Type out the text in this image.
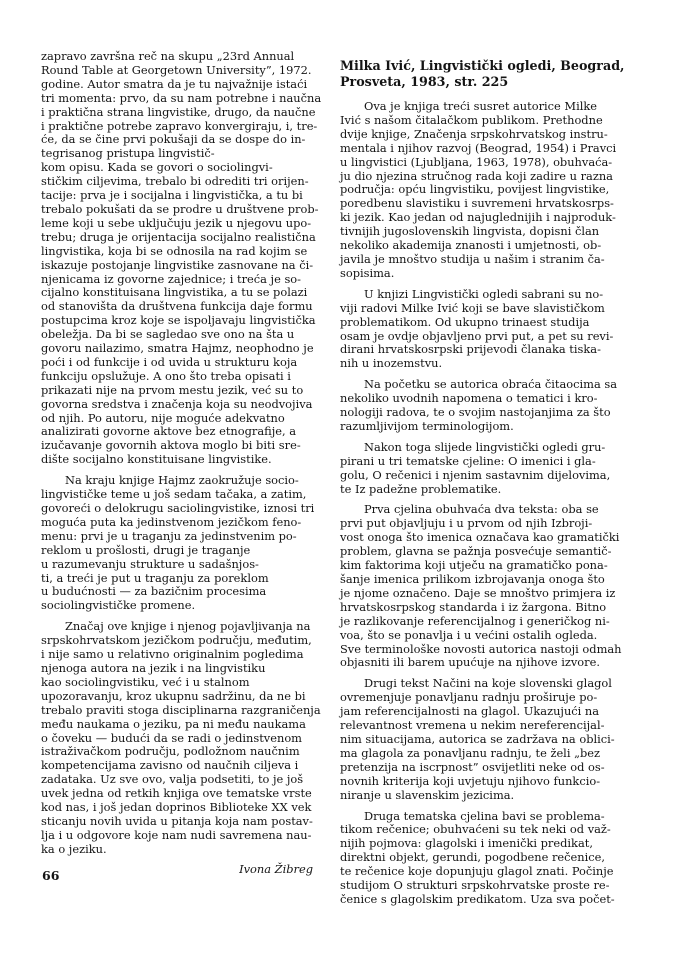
zapravo završna reč na skupu „23rd Annual
Round Table at Georgetown University”, 1972.
godine. Autor smatra da je tu najvažnije istaći
tri momenta: prvo, da su nam potrebne i naučna
i praktična strana lingvistike, drugo, da naučne
i praktične potrebe zapravo konvergiraju, i, tre-
će, da se čine prvi pokušaji da se dospe do in-
tegrisanog pristupa lingvistič-
kom opisu. Kada se govori o sociolingvi-
stičkim ciljevima, trebalo bi odrediti tri orijen-
tacije: prva je i socijalna i lingvistička, a tu bi
trebalo pokušati da se prodre u društvene prob-
leme koji u sebe uključuju jezik u njegovu upo-
trebu; druga je orijentacija socijalno realistična
lingvistika, koja bi se odnosila na rad kojim se
iskazuje postojanje lingvistike zasnovane na či-
njenicama iz govorne zajednice; i treća je so-
cijalno konstituisana lingvistika, a tu se polazi
od stanovišta da društvena funkcija daje formu
postupcima kroz koje se ispoljavaju lingvistička
obeležja. Da bi se sagledao sve ono na šta u
govoru nailazimo, smatra Hajmz, neophodno je
poći i od funkcije i od uvida u strukturu koja
funkciju opslužuje. A ono što treba opisati i
prikazati nije na prvom mestu jezik, već su to
govorna sredstva i značenja koja su neodvojiva
od njih. Po autoru, nije moguće adekvatno
analizirati govorne aktove bez etnografije, a
izučavanje govornih aktova moglo bi biti sre-
dište socijalno konstituisane lingvistike.

Na kraju knjige Hajmz zaokružuje socio-
lingvističke teme u još sedam tačaka, a zatim,
govoreći o delokrugu saciolingvistike, iznosi tri
moguća puta ka jedinstvenom jezičkom feno-
menu: prvi je u traganju za jedinstvenim po-
reklom u prošlosti, drugi je traganje
u razumevanju strukture u sadašnjos-
ti, a treći je put u traganju za poreklom
u budućnosti — za bazičnim procesima
sociolingvističke promene.

Značaj ove knjige i njenog pojavljivanja na
srpskohrvatskom jezičkom području, međutim,
i nije samo u relativno originalnim pogledima
njenoga autora na jezik i na lingvistiku
kao sociolingvistiku, već i u stalnom
upozoravanju, kroz ukupnu sadržinu, da ne bi
trebalo praviti stoga disciplinarna razgraničenja
među naukama o jeziku, pa ni među naukama
o čoveku — budući da se radi o jedinstvenom
istraživačkom području, podložnom naučnim
kompetencijama zavisno od naučnih ciljeva i
zadataka. Uz sve ovo, valja podsetiti, to je još
uvek jedna od retkih knjiga ove tematske vrste
kod nas, i još jedan doprinos Biblioteke XX vek
sticanju novih uvida u pitanja koja nam postav-
lja i u odgovore koje nam nudi savremena nau-
ka o jeziku.

Ivona Žibreg
Milka Ivić, Lingvistički ogledi, Beograd,
Prosveta, 1983, str. 225

Ova je knjiga treći susret autorice Milke
Ivić s našom čitalačkom publikom. Prethodne
dvije knjige, Značenja srpskohrvatskog instru-
mentala i njihov razvoj (Beograd, 1954) i Pravci
u lingvistici (Ljubljana, 1963, 1978), obuhvaća-
ju dio njezina stručnog rada koji zadire u razna
područja: opću lingvistiku, povijest lingvistike,
poredbenu slavistiku i suvremeni hrvatskosrps-
ki jezik. Kao jedan od najuglednijih i najproduk-
tivnijih jugoslovenskih lingvista, dopisni član
nekoliko akademija znanosti i umjetnosti, ob-
javila je mnoštvo studija u našim i stranim ča-
sopisima.

U knjizi Lingvistički ogledi sabrani su no-
viji radovi Milke Ivić koji se bave slavističkom
problematikom. Od ukupno trinaest studija
osam je ovdje objavljeno prvi put, a pet su revi-
dirani hrvatskosrpski prijevodi članaka tiska-
nih u inozemstvu.

Na početku se autorica obraća čitaocima sa
nekoliko uvodnih napomena o tematici i kro-
nologiji radova, te o svojim nastojanjima za što
razumljivijom terminologijom.

Nakon toga slijede lingvistički ogledi gru-
pirani u tri tematske cjeline: O imenici i gla-
golu, O rečenici i njenim sastavnim dijelovima,
te Iz padežne problematike.

Prva cjelina obuhvaća dva teksta: oba se
prvi put objavljuju i u prvom od njih Izbroji-
vost onoga što imenica označava kao gramatički
problem, glavna se pažnja posvećuje semantič-
kim faktorima koji utječu na gramatičko pona-
šanje imenica prilikom izbrojavanja onoga što
je njome označeno. Daje se mnoštvo primjera iz
hrvatskosrpskog standarda i iz žargona. Bitno
je razlikovanje referencijalnog i generičkog ni-
voa, što se ponavlja i u većini ostalih ogleda.
Sve terminološke novosti autorica nastoji odmah
objasniti ili barem upućuje na njihove izvore.

Drugi tekst Načini na koje slovenski glagol
ovremenjuje ponavljanu radnju proširuje po-
jam referencijalnosti na glagol. Ukazujući na
relevantnost vremena u nekim nereferencijal-
nim situacijama, autorica se zadržava na oblici-
ma glagola za ponavljanu radnju, te želi „bez
pretenzija na iscrpnost” osvijetliti neke od os-
novnih kriterija koji uvjetuju njihovo funkcio-
niranje u slavenskim jezicima.

Druga tematska cjelina bavi se problema-
tikom rečenice; obuhvaćeni su tek neki od važ-
nijih pojmova: glagolski i imenički predikat,
direktni objekt, gerundi, pogodbene rečenice,
te rečenice koje dopunjuju glagol znati. Počinje
studijom O strukturi srpskohrvatske proste re-
čenice s glagolskim predikatom. Uza sva počet-

66
